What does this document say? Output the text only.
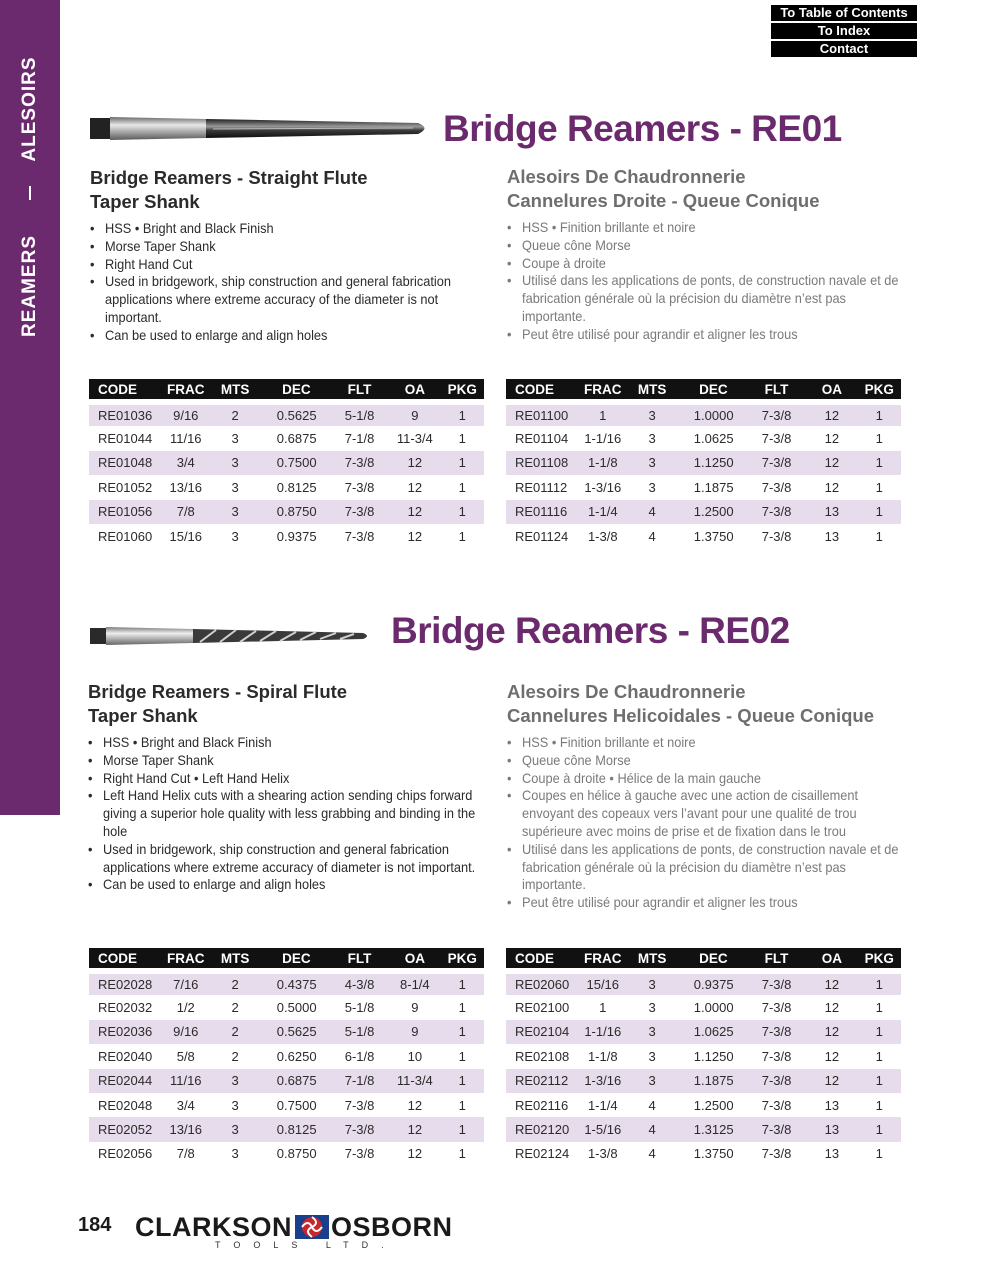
ALESOIRS
REAMERS
To Table of Contents
To Index
Contact
Bridge Reamers - RE01
Bridge Reamers - Straight Flute
Taper Shank
• HSS • Bright and Black Finish
• Morse Taper Shank
• Right Hand Cut
• Used in bridgework, ship construction and general fabrication applications where extreme accuracy of the diameter is not important.
• Can be used to enlarge and align holes
Alesoirs De Chaudronnerie
Cannelures Droite - Queue Conique
• HSS • Finition brillante et noire
• Queue cône Morse
• Coupe à droite
• Utilisé dans les applications de ponts, de construction navale et de fabrication générale où la précision du diamètre n’est pas importante.
• Peut être utilisé pour agrandir et aligner les trous
CODE	FRAC	MTS	DEC	FLT	OA	PKG
RE01036	9/16	2	0.5625	5-1/8	9	1
RE01044	11/16	3	0.6875	7-1/8	11-3/4	1
RE01048	3/4	3	0.7500	7-3/8	12	1
RE01052	13/16	3	0.8125	7-3/8	12	1
RE01056	7/8	3	0.8750	7-3/8	12	1
RE01060	15/16	3	0.9375	7-3/8	12	1
CODE	FRAC	MTS	DEC	FLT	OA	PKG
RE01100	1	3	1.0000	7-3/8	12	1
RE01104	1-1/16	3	1.0625	7-3/8	12	1
RE01108	1-1/8	3	1.1250	7-3/8	12	1
RE01112	1-3/16	3	1.1875	7-3/8	12	1
RE01116	1-1/4	4	1.2500	7-3/8	13	1
RE01124	1-3/8	4	1.3750	7-3/8	13	1
Bridge Reamers - RE02
Bridge Reamers - Spiral Flute
Taper Shank
• HSS • Bright and Black Finish
• Morse Taper Shank
• Right Hand Cut • Left Hand Helix
• Left Hand Helix cuts with a shearing action sending chips forward giving a superior hole quality with less grabbing and binding in the hole
• Used in bridgework, ship construction and general fabrication applications where extreme accuracy of diameter is not important.
• Can be used to enlarge and align holes
Alesoirs De Chaudronnerie
Cannelures Helicoidales - Queue Conique
• HSS • Finition brillante et noire
• Queue cône Morse
• Coupe à droite • Hélice de la main gauche
• Coupes en hélice à gauche avec une action de cisaillement envoyant des copeaux vers l’avant pour une qualité de trou supérieure avec moins de prise et de fixation dans le trou
• Utilisé dans les applications de ponts, de construction navale et de fabrication générale où la précision du diamètre n’est pas importante.
• Peut être utilisé pour agrandir et aligner les trous
CODE	FRAC	MTS	DEC	FLT	OA	PKG
RE02028	7/16	2	0.4375	4-3/8	8-1/4	1
RE02032	1/2	2	0.5000	5-1/8	9	1
RE02036	9/16	2	0.5625	5-1/8	9	1
RE02040	5/8	2	0.6250	6-1/8	10	1
RE02044	11/16	3	0.6875	7-1/8	11-3/4	1
RE02048	3/4	3	0.7500	7-3/8	12	1
RE02052	13/16	3	0.8125	7-3/8	12	1
RE02056	7/8	3	0.8750	7-3/8	12	1
CODE	FRAC	MTS	DEC	FLT	OA	PKG
RE02060	15/16	3	0.9375	7-3/8	12	1
RE02100	1	3	1.0000	7-3/8	12	1
RE02104	1-1/16	3	1.0625	7-3/8	12	1
RE02108	1-1/8	3	1.1250	7-3/8	12	1
RE02112	1-3/16	3	1.1875	7-3/8	12	1
RE02116	1-1/4	4	1.2500	7-3/8	13	1
RE02120	1-5/16	4	1.3125	7-3/8	13	1
RE02124	1-3/8	4	1.3750	7-3/8	13	1
184 CLARKSON OSBORN
TOOLS LTD.
